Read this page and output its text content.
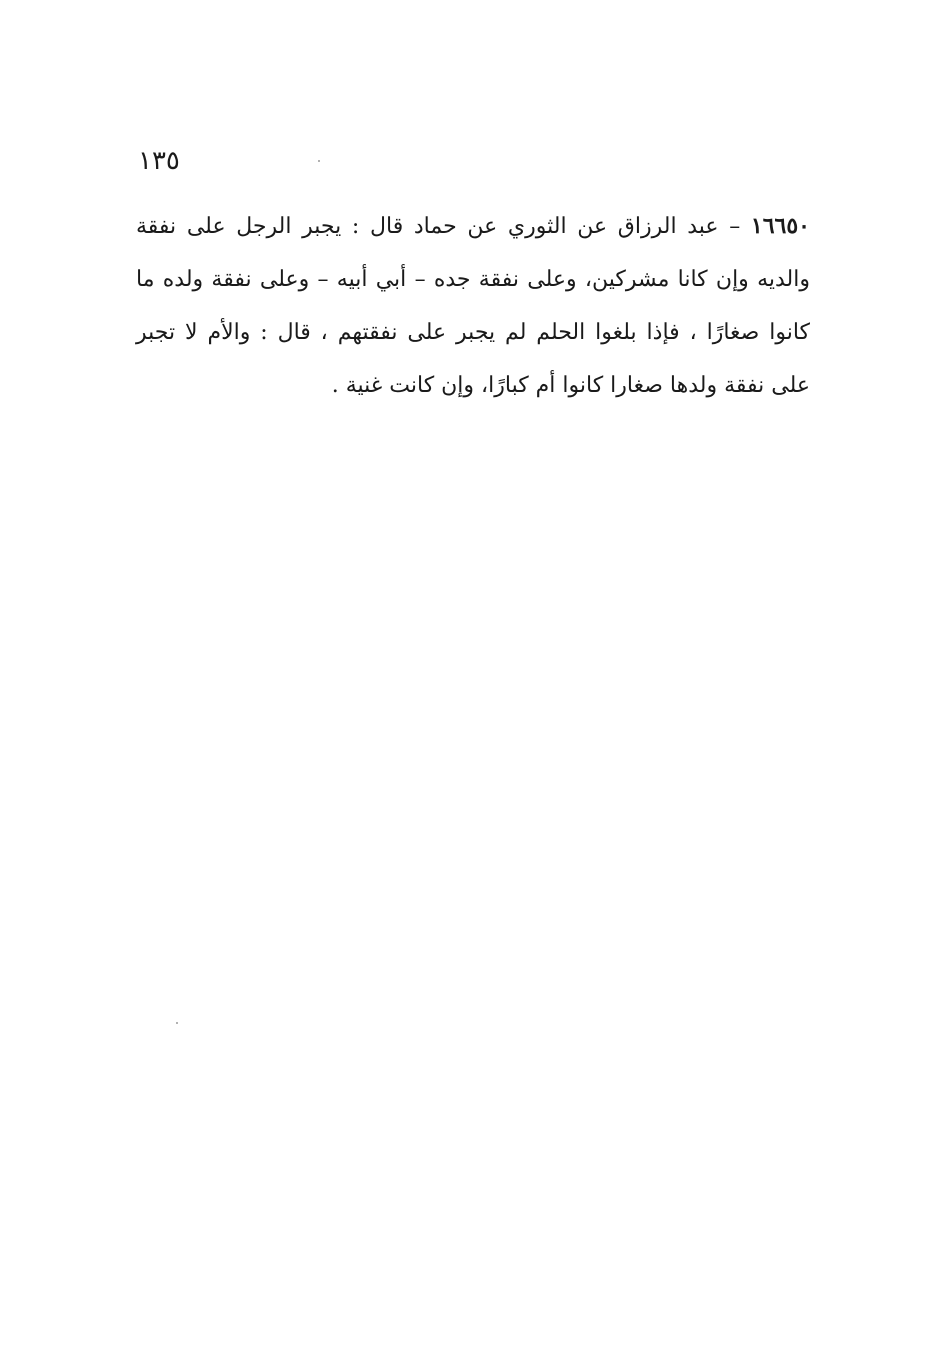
١٣٥

١٦٦٥٠ – عبد الرزاق عن الثوري عن حماد قال : يجبر الرجل على نفقة والديه وإن كانا مشركين، وعلى نفقة جده – أبي أبيه – وعلى نفقة ولده ما كانوا صغارًا ، فإذا بلغوا الحلم لم يجبر على نفقتهم ، قال : والأم لا تجبر على نفقة ولدها صغارا كانوا أم كبارًا، وإن كانت غنية .
